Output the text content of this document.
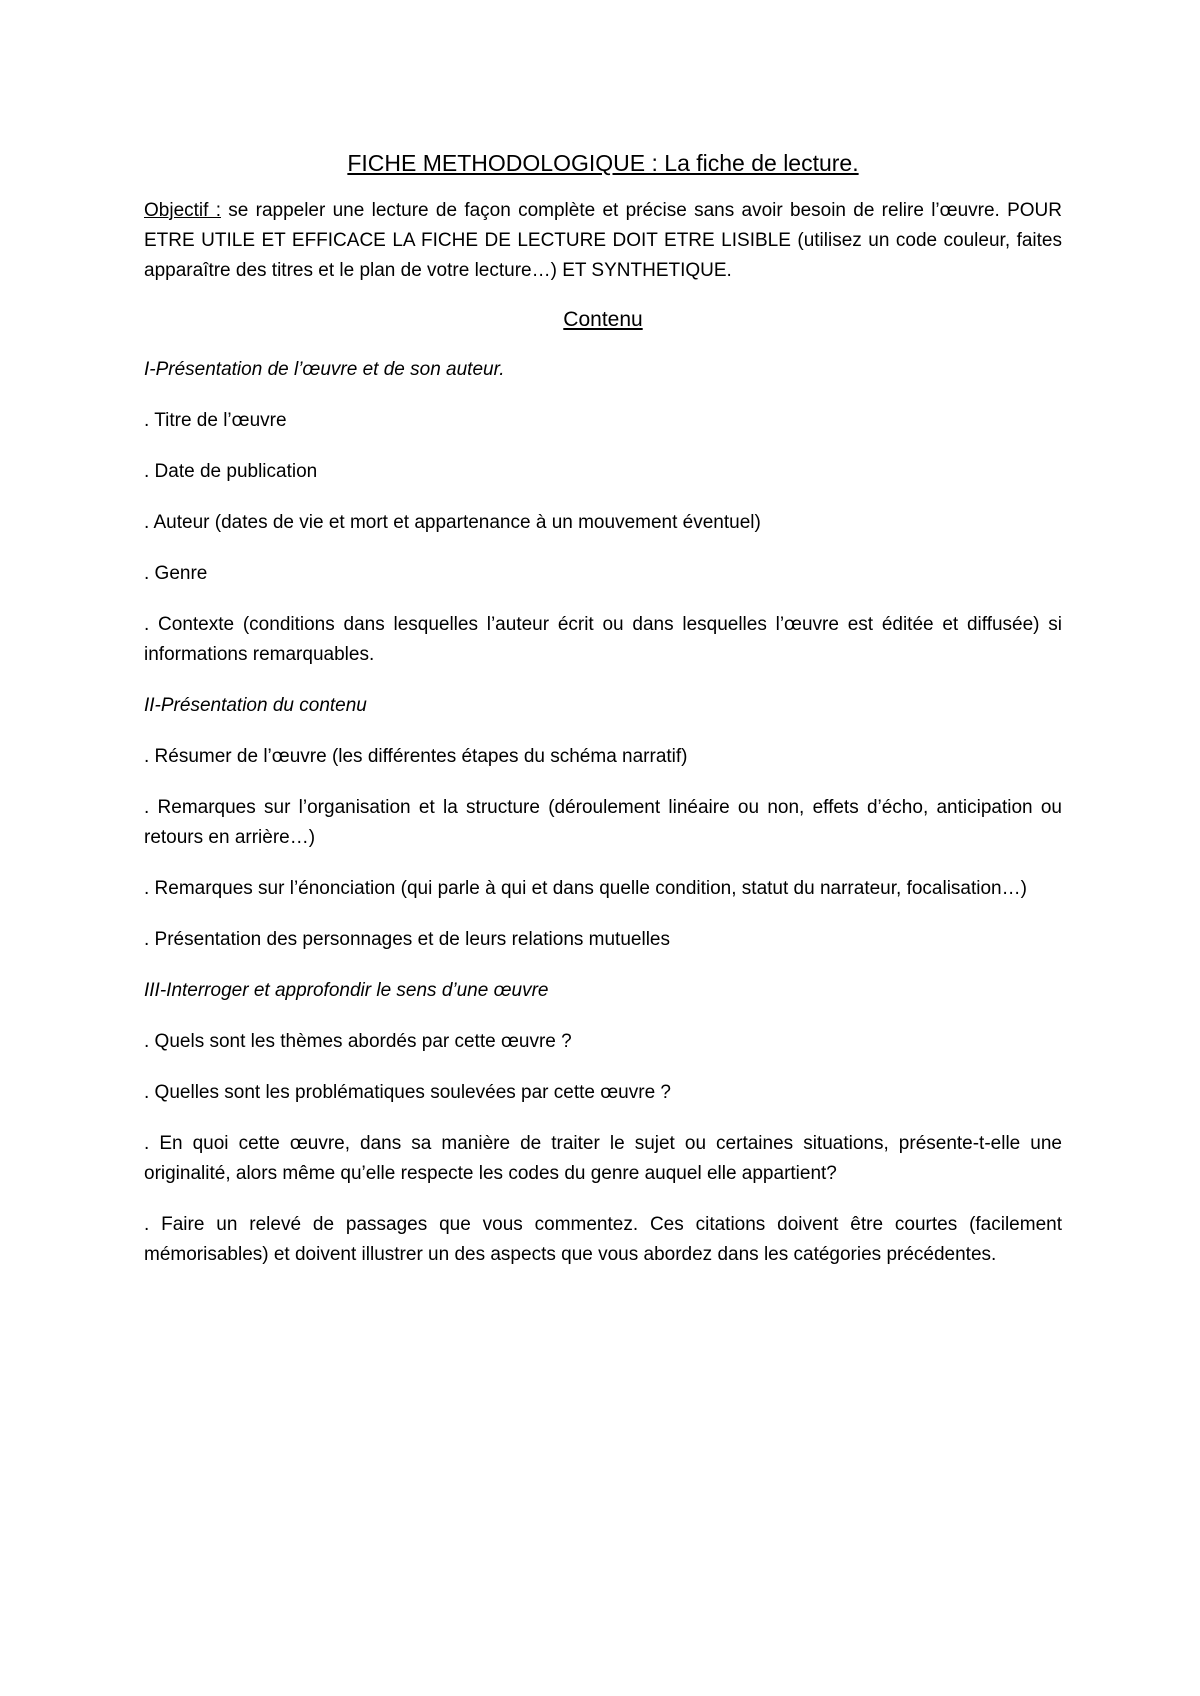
FICHE METHODOLOGIQUE : La fiche de lecture.

Objectif : se rappeler une lecture de façon complète et précise sans avoir besoin de relire l’œuvre. POUR ETRE UTILE ET EFFICACE LA FICHE DE LECTURE DOIT ETRE LISIBLE (utilisez un code couleur, faites apparaître des titres et le plan de votre lecture…) ET SYNTHETIQUE.

Contenu
I-Présentation de l’œuvre et de son auteur.
. Titre de l’œuvre
. Date de publication
. Auteur (dates de vie et mort et appartenance à un mouvement éventuel)
. Genre
. Contexte (conditions dans lesquelles l’auteur écrit ou dans lesquelles l’œuvre est éditée et diffusée) si informations remarquables.
II-Présentation du contenu
. Résumer de l’œuvre (les différentes étapes du schéma narratif)
. Remarques sur l’organisation et la structure (déroulement linéaire ou non, effets d’écho, anticipation ou retours en arrière…)
. Remarques sur l’énonciation (qui parle à qui et dans quelle condition, statut du narrateur, focalisation…)
. Présentation des personnages et de leurs relations mutuelles
III-Interroger et approfondir le sens d’une œuvre
. Quels sont les thèmes abordés par cette œuvre ?
. Quelles sont les problématiques soulevées par cette œuvre ?
. En quoi cette œuvre, dans sa manière de traiter le sujet ou certaines situations, présente-t-elle une originalité, alors même qu’elle respecte les codes du genre auquel elle appartient?
. Faire un relevé de passages que vous commentez. Ces citations doivent être courtes (facilement mémorisables) et doivent illustrer un des aspects que vous abordez dans les catégories précédentes.
